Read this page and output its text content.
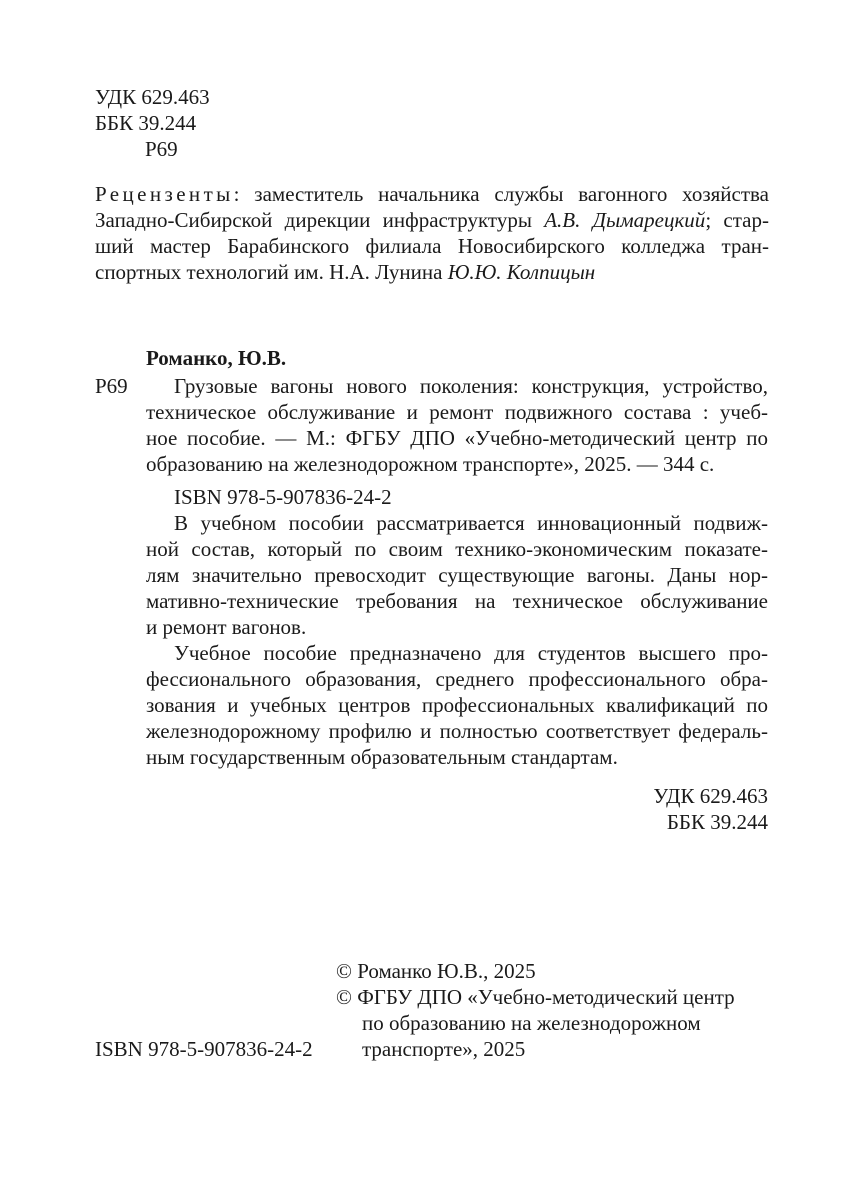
УДК 629.463
ББК 39.244
Р69
Рецензенты: заместитель начальника службы вагонного хозяйства
Западно-Сибирской дирекции инфраструктуры А.В. Дымарецкий; стар-
ший мастер Барабинского филиала Новосибирского колледжа тран-
спортных технологий им. Н.А. Лунина Ю.Ю. Колпицын
Романко, Ю.В.
Р69	Грузовые вагоны нового поколения: конструкция, устройство,
техническое обслуживание и ремонт подвижного состава : учеб-
ное пособие. — М.: ФГБУ ДПО «Учебно-методический центр по
образованию на железнодорожном транспорте», 2025. — 344 с.
ISBN 978-5-907836-24-2
В учебном пособии рассматривается инновационный подвиж-
ной состав, который по своим технико-экономическим показате-
лям значительно превосходит существующие вагоны. Даны нор-
мативно-технические требования на техническое обслуживание
и ремонт вагонов.
Учебное пособие предназначено для студентов высшего про-
фессионального образования, среднего профессионального обра-
зования и учебных центров профессиональных квалификаций по
железнодорожному профилю и полностью соответствует федераль-
ным государственным образовательным стандартам.
УДК 629.463
ББК 39.244
© Романко Ю.В., 2025
© ФГБУ ДПО «Учебно-методический центр
по образованию на железнодорожном
транспорте», 2025
ISBN 978-5-907836-24-2
